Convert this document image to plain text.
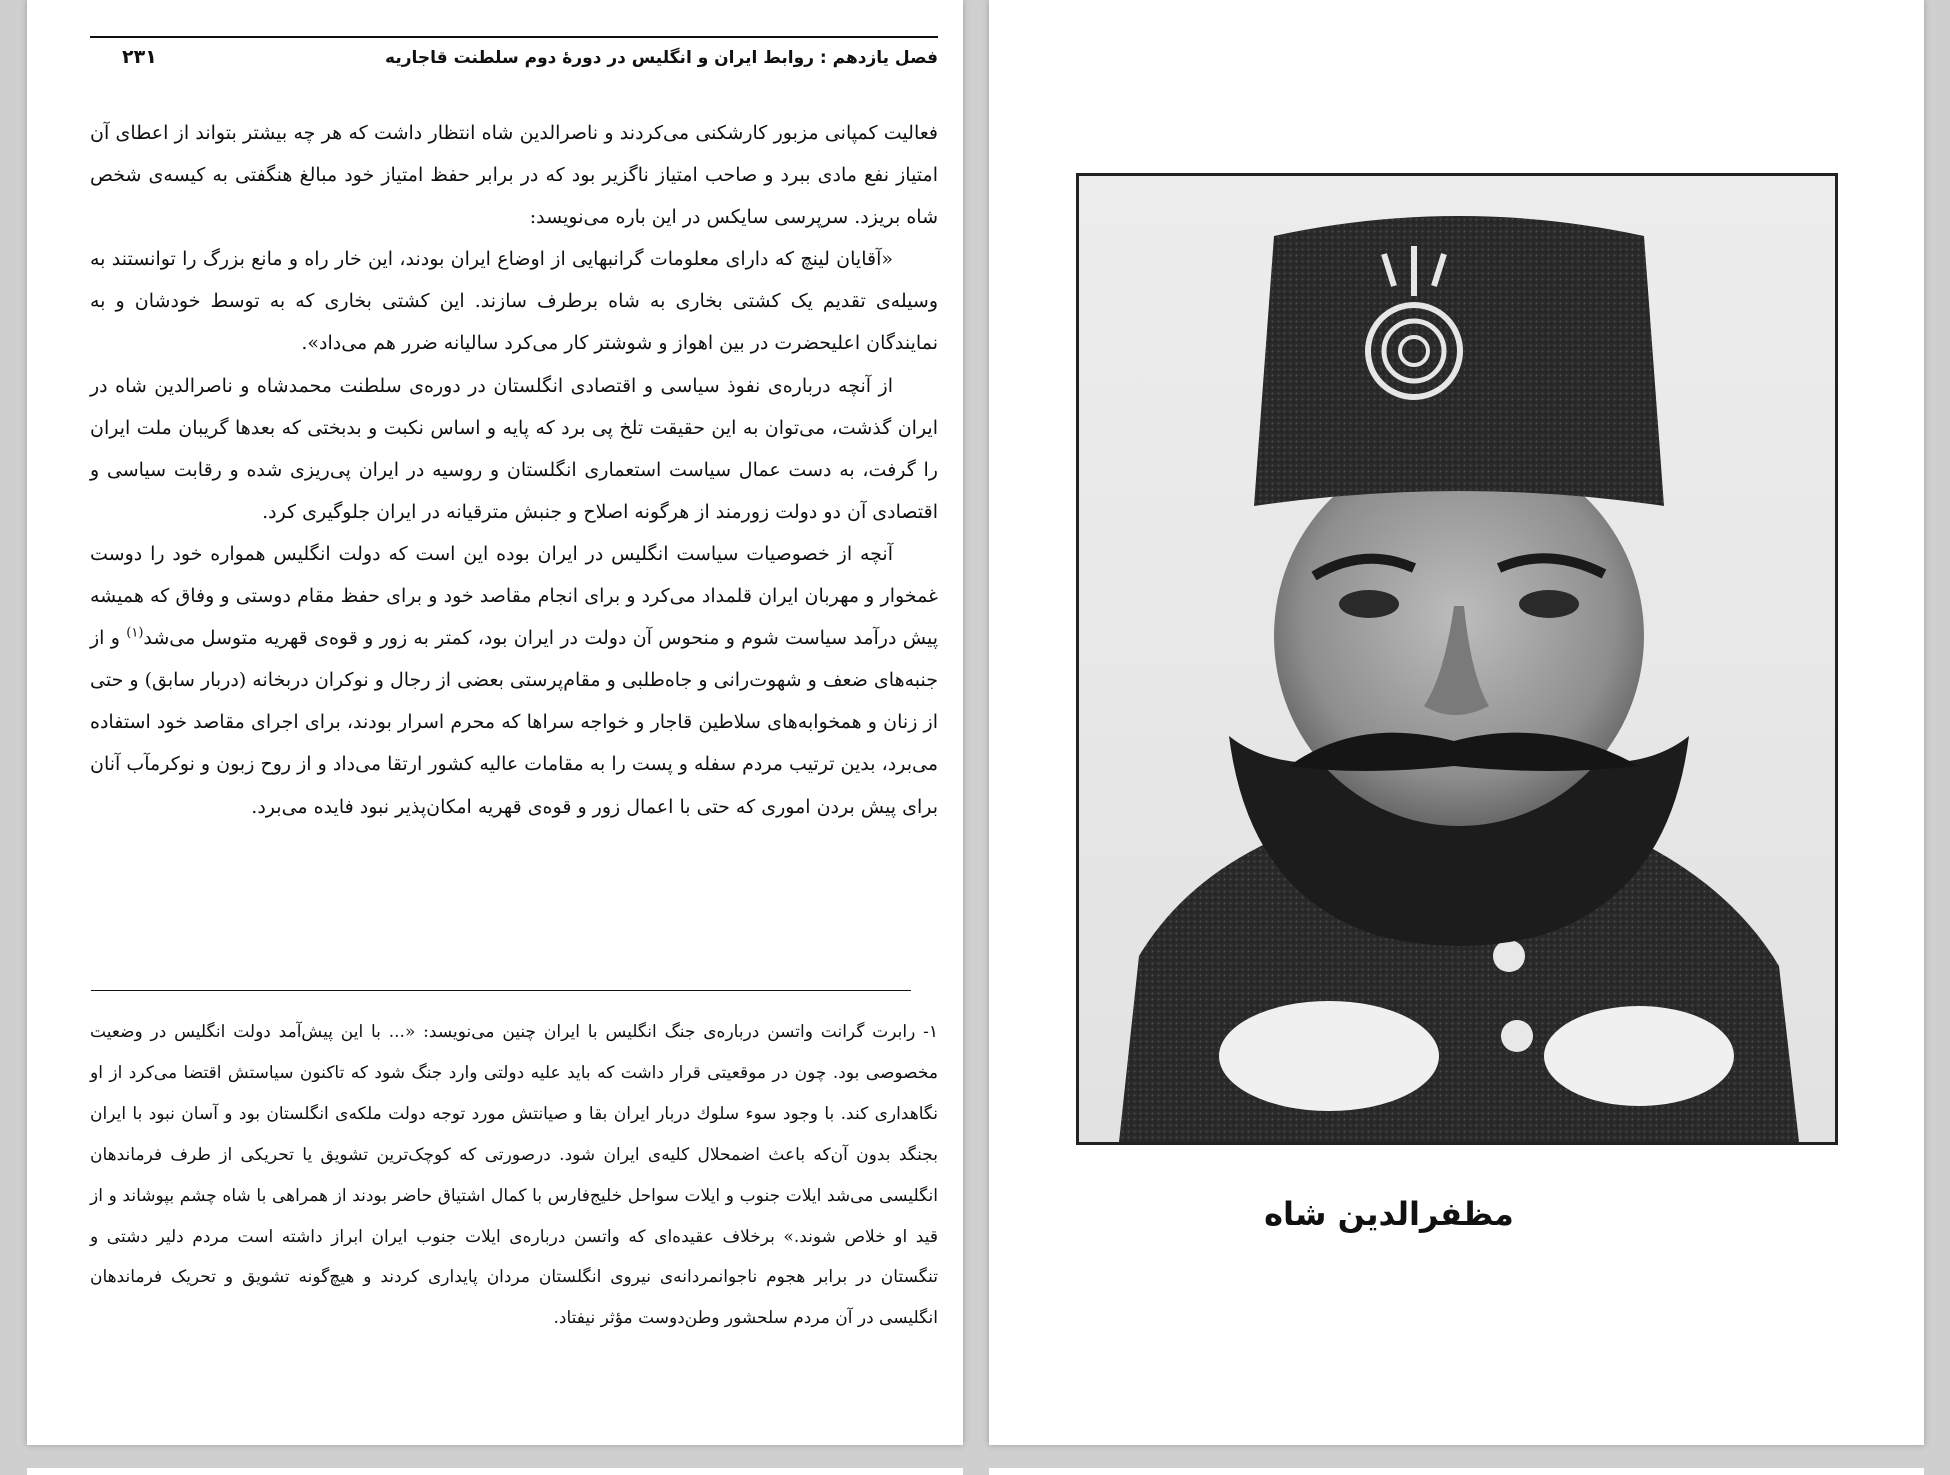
فصل یازدهم : روابط ایران و انگلیس در دورهٔ دوم سلطنت قاجاریه
۲۳۱

فعالیت کمپانی مزبور کارشکنی می‌کردند و ناصرالدین شاه انتظار داشت که هر چه بیشتر بتواند از اعطای آن امتیاز نفع مادی ببرد و صاحب امتیاز ناگزیر بود که در برابر حفظ امتیاز خود مبالغ هنگفتی به کیسه‌ی شخص شاه بریزد. سرپرسی سایکس در این باره می‌نویسد:

«آقایان لینچ که دارای معلومات گرانبهایی از اوضاع ایران بودند، این خار راه و مانع بزرگ را توانستند به وسیله‌ی تقدیم یک کشتی بخاری به شاه برطرف سازند. این کشتی بخاری که به توسط خودشان و به نمایندگان اعلیحضرت در بین اهواز و شوشتر کار می‌کرد سالیانه ضرر هم می‌داد».

از آنچه درباره‌ی نفوذ سیاسی و اقتصادی انگلستان در دوره‌ی سلطنت محمدشاه و ناصرالدین شاه در ایران گذشت، می‌توان به این حقیقت تلخ پی برد که پایه و اساس نکبت و بدبختی که بعدها گریبان ملت ایران را گرفت، به دست عمال سیاست استعماری انگلستان و روسیه در ایران پی‌ریزی شده و رقابت سیاسی و اقتصادی آن دو دولت زورمند از هرگونه اصلاح و جنبش مترقیانه در ایران جلوگیری کرد.

آنچه از خصوصیات سیاست انگلیس در ایران بوده این است که دولت انگلیس همواره خود را دوست غمخوار و مهربان ایران قلمداد می‌کرد و برای انجام مقاصد خود و برای حفظ مقام دوستی و وفاق که همیشه پیش درآمد سیاست شوم و منحوس آن دولت در ایران بود، کمتر به زور و قوه‌ی قهریه متوسل می‌شد$^{(۱)}$ و از جنبه‌های ضعف و شهوت‌رانی و جاه‌طلبی و مقام‌پرستی بعضی از رجال و نوکران دربخانه (دربار سابق) و حتی از زنان و همخوابه‌های سلاطین قاجار و خواجه سراها که محرم اسرار بودند، برای اجرای مقاصد خود استفاده می‌برد، بدین ترتیب مردم سفله و پست را به مقامات عالیه کشور ارتقا می‌داد و از روح زبون و نوکرمآب آنان برای پیش بردن اموری که حتی با اعمال زور و قوه‌ی قهریه امکان‌پذیر نبود فایده می‌برد.

۱- رابرت گرانت واتسن درباره‌ی جنگ انگلیس با ایران چنین می‌نویسد: «... با این پیش‌آمد دولت انگلیس در وضعیت مخصوصی بود. چون در موقعیتی قرار داشت که باید علیه دولتی وارد جنگ شود که تاکنون سیاستش اقتضا می‌کرد از او نگاهداری کند. با وجود سوء سلوك دربار ایران بقا و صیانتش مورد توجه دولت ملکه‌ی انگلستان بود و آسان نبود با ایران بجنگد بدون آن‌که باعث اضمحلال کلیه‌ی ایران شود. درصورتی که کوچک‌ترین تشویق یا تحریکی از طرف فرماندهان انگلیسی می‌شد ایلات جنوب و ایلات سواحل خلیج‌فارس با کمال اشتیاق حاضر بودند از همراهی با شاه چشم بپوشاند و از قید او خلاص شوند.» برخلاف عقیده‌ای که واتسن درباره‌ی ایلات جنوب ایران ابراز داشته است مردم دلیر دشتی و تنگستان در برابر هجوم ناجوانمردانه‌ی نیروی انگلستان مردان پایداری کردند و هیچ‌گونه تشویق و تحریک فرماندهان انگلیسی در آن مردم سلحشور وطن‌دوست مؤثر نیفتاد.

مظفرالدین شاه
